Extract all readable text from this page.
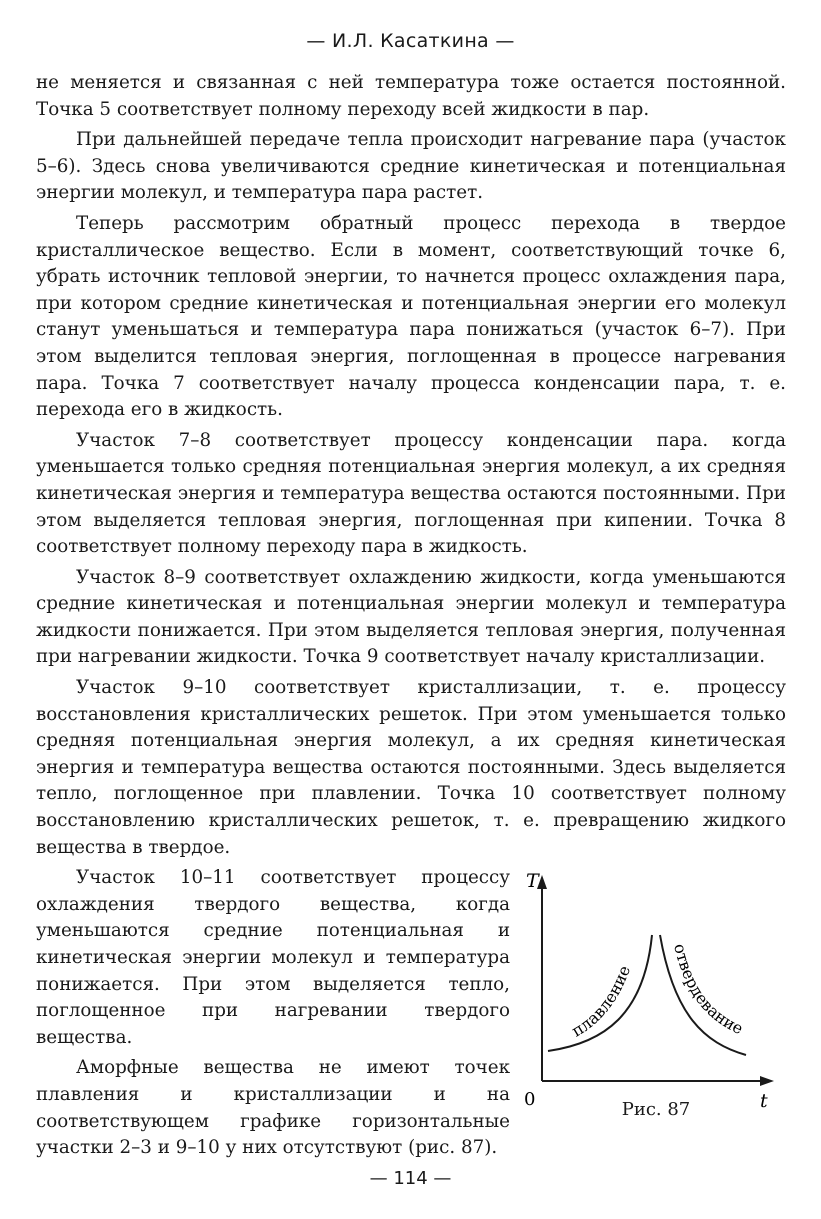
— И.Л. Касаткина —

не меняется и связанная с ней температура тоже остается постоянной. Точка 5 соответствует полному переходу всей жидкости в пар.

При дальнейшей передаче тепла происходит нагревание пара (участок 5–6). Здесь снова увеличиваются средние кинетическая и потенциальная энергии молекул, и температура пара растет.

Теперь рассмотрим обратный процесс перехода в твердое кристаллическое вещество. Если в момент, соответствующий точке 6, убрать источник тепловой энергии, то начнется процесс охлаждения пара, при котором средние кинетическая и потенциальная энергии его молекул станут уменьшаться и температура пара понижаться (участок 6–7). При этом выделится тепловая энергия, поглощенная в процессе нагревания пара. Точка 7 соответствует началу процесса конденсации пара, т. е. перехода его в жидкость.

Участок 7–8 соответствует процессу конденсации пара. когда уменьшается только средняя потенциальная энергия молекул, а их средняя кинетическая энергия и температура вещества остаются постоянными. При этом выделяется тепловая энергия, поглощенная при кипении. Точка 8 соответствует полному переходу пара в жидкость.

Участок 8–9 соответствует охлаждению жидкости, когда уменьшаются средние кинетическая и потенциальная энергии молекул и температура жидкости понижается. При этом выделяется тепловая энергия, полученная при нагревании жидкости. Точка 9 соответствует началу кристаллизации.

Участок 9–10 соответствует кристаллизации, т. е. процессу восстановления кристаллических решеток. При этом уменьшается только средняя потенциальная энергия молекул, а их средняя кинетическая энергия и температура вещества остаются постоянными. Здесь выделяется тепло, поглощенное при плавлении. Точка 10 соответствует полному восстановлению кристаллических решеток, т. е. превращению жидкого вещества в твердое.

T
0	t
плавление
отвердевание
Рис. 87

Участок 10–11 соответствует процессу охлаждения твердого вещества, когда уменьшаются средние потенциальная и кинетическая энергии молекул и температура понижается. При этом выделяется тепло, поглощенное при нагревании твердого вещества.

Аморфные вещества не имеют точек плавления и кристаллизации и на соответствующем графике горизонтальные участки 2–3 и 9–10 у них отсутствуют (рис. 87).

— 114 —
